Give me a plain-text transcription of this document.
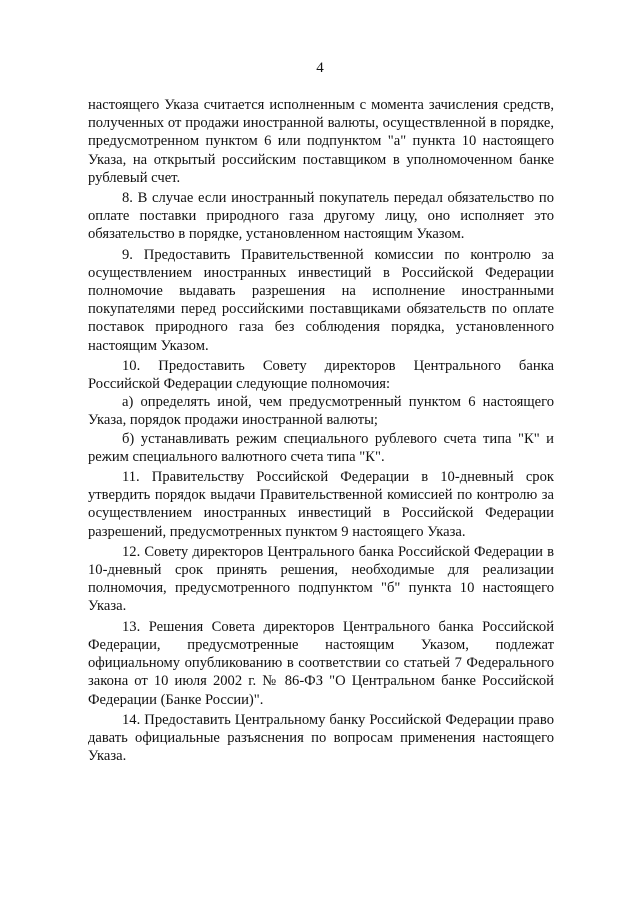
4

настоящего Указа считается исполненным с момента зачисления средств, полученных от продажи иностранной валюты, осуществленной в порядке, предусмотренном пунктом 6 или подпунктом "а" пункта 10 настоящего Указа, на открытый российским поставщиком в уполномоченном банке рублевый счет.

8. В случае если иностранный покупатель передал обязательство по оплате поставки природного газа другому лицу, оно исполняет это обязательство в порядке, установленном настоящим Указом.

9. Предоставить Правительственной комиссии по контролю за осуществлением иностранных инвестиций в Российской Федерации полномочие выдавать разрешения на исполнение иностранными покупателями перед российскими поставщиками обязательств по оплате поставок природного газа без соблюдения порядка, установленного настоящим Указом.

10. Предоставить Совету директоров Центрального банка Российской Федерации следующие полномочия:

а) определять иной, чем предусмотренный пунктом 6 настоящего Указа, порядок продажи иностранной валюты;

б) устанавливать режим специального рублевого счета типа "К" и режим специального валютного счета типа "К".

11. Правительству Российской Федерации в 10-дневный срок утвердить порядок выдачи Правительственной комиссией по контролю за осуществлением иностранных инвестиций в Российской Федерации разрешений, предусмотренных пунктом 9 настоящего Указа.

12. Совету директоров Центрального банка Российской Федерации в 10-дневный срок принять решения, необходимые для реализации полномочия, предусмотренного подпунктом "б" пункта 10 настоящего Указа.

13. Решения Совета директоров Центрального банка Российской Федерации, предусмотренные настоящим Указом, подлежат официальному опубликованию в соответствии со статьей 7 Федерального закона от 10 июля 2002 г. № 86-ФЗ "О Центральном банке Российской Федерации (Банке России)".

14. Предоставить Центральному банку Российской Федерации право давать официальные разъяснения по вопросам применения настоящего Указа.
